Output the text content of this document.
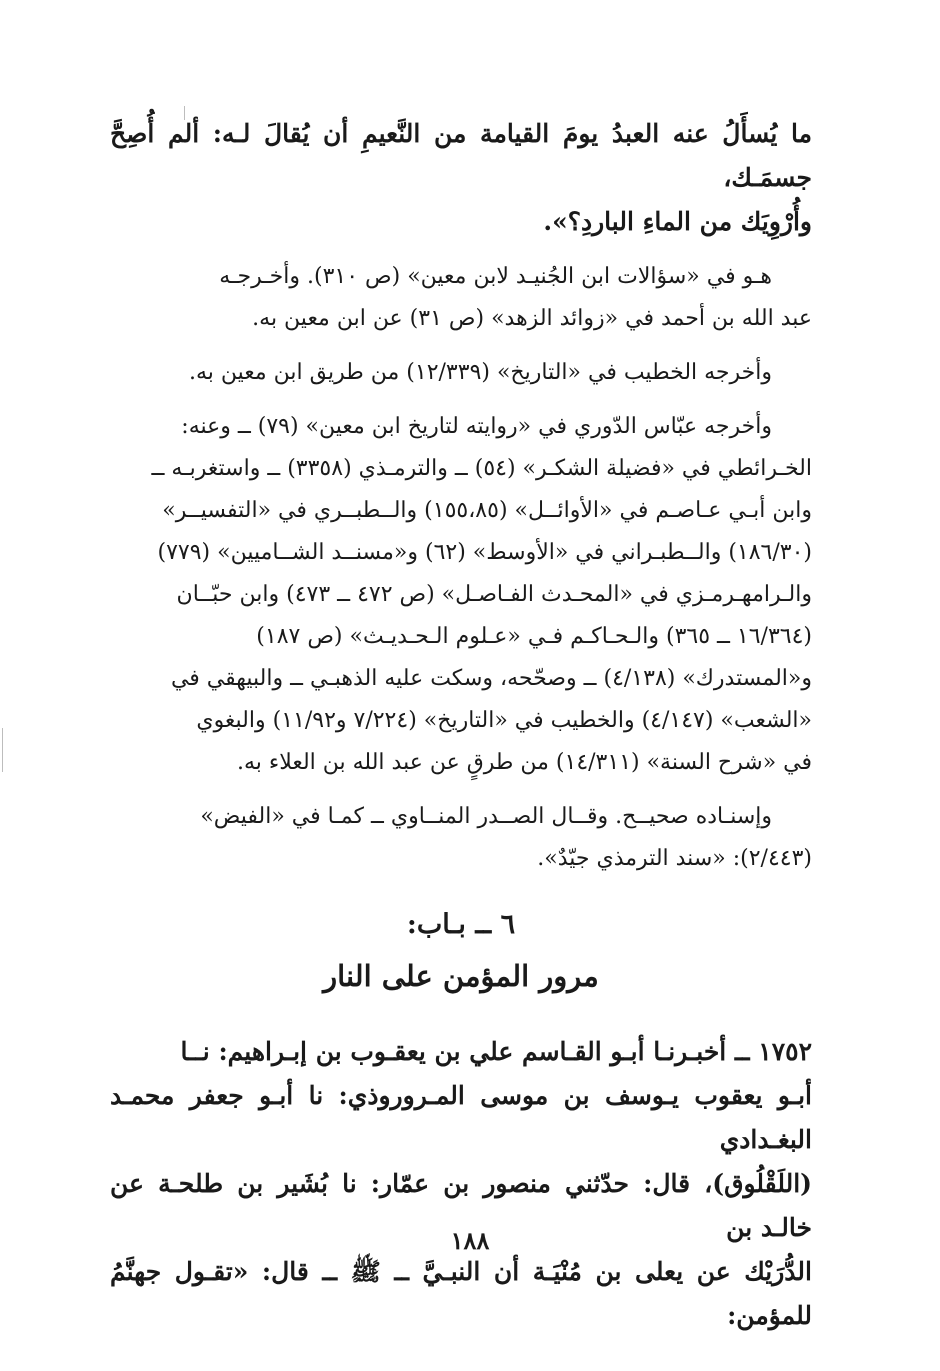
ما يُسأَلُ عنه العبدُ يومَ القيامة من النَّعيمِ أن يُقالَ لـه: ألم أُصِحَّ جسمَـك،

وأُرْوِيَك من الماءِ الباردِ؟».

هـو في «سؤالات ابن الجُنيـد لابن معين» (ص ٣١٠). وأخـرجـه

عبد الله بن أحمد في «زوائد الزهد» (ص ٣١) عن ابن معين به.

وأخرجه الخطيب في «التاريخ» (١٢/٣٣٩) من طريق ابن معين به.

وأخرجه عبّاس الدّوري في «روايته لتاريخ ابن معين» (٧٩) ــ وعنه:

الخـرائطي في «فضيلة الشكـر» (٥٤) ــ والترمـذي (٣٣٥٨) ــ واستغربـه ــ

وابن أبـي عـاصـم في «الأوائــل» (١٥٥،٨٥) والــطبــري في «التفسيــر»

(١٨٦/٣٠) والــطبـراني في «الأوسط» (٦٢) و«مسنــد الشــاميين» (٧٧٩)

والـرامهـرمـزي في «المحـدث الفـاصـل» (ص ٤٧٢ ــ ٤٧٣) وابن حبّــان

(١٦/٣٦٤ ــ ٣٦٥) والـحـاكـم فـي «عـلوم الـحـديـث» (ص ١٨٧)

و«المستدرك» (٤/١٣٨) ــ وصحّحه، وسكت عليه الذهبـي ــ والبيهقي في

«الشعب» (٤/١٤٧) والخطيب في «التاريخ» (٧/٢٢٤ و١١/٩٢) والبغوي

في «شرح السنة» (١٤/٣١١) من طرقٍ عن عبد الله بن العلاء به.

وإسنـاده صحيــح. وقــال الصــدر المنــاوي ــ كمـا في «الفيض»

(٢/٤٤٣): «سند الترمذي جيّدٌ».

٦ ــ بـاب:
مرور المؤمن على النار

١٧٥٢ ــ أخبـرنـا أبـو القـاسم علي بن يعقـوب بن إبـراهيم: نــا

أبـو يعقوب يـوسف بن موسى المـروروذي: نا أبـو جعفر محمـد البغـدادي

(اللَقْلُوق)، قال: حدّثني منصور بن عمّار: نا بُشَير بن طلحـة عن خالـد بن

الدُّرَيْك عن يعلى بن مُنْيَـة أن النبـيَّ ــ ﷺ ــ قال: «تقـول جهنَّمُ للمؤمن:

١٨٨
